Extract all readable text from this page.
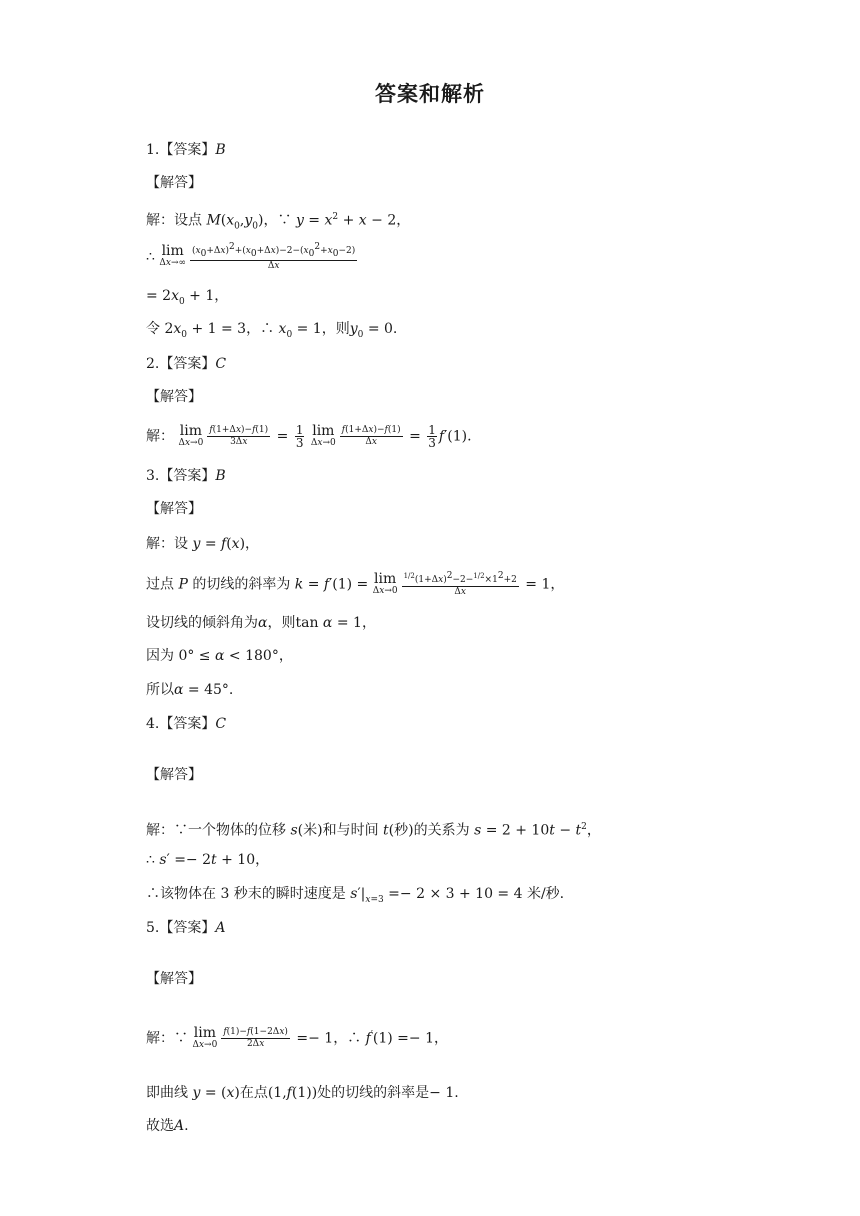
答案和解析
1.【答案】B
【解答】
解：设点 $M(x_0,y_0)$，∵ $y = x^2 + x - 2$，
∴ lim
$\Delta x\to\infty \frac{(x_0+\Delta x)^2+(x_0+\Delta x)-2-(x_0^2+x_0-2)}{\Delta x}$
= $2x_0 + 1$，
令 $2x_0 + 1 = 3$，∴ $x_0 = 1$，则$y_0 = 0$.
2.【答案】C
【解答】
解： lim
$\Delta x\to 0 \frac{f(1+\Delta x)-f(1)}{3\Delta x} = \frac{1}{3}$
lim
$\Delta x\to 0 \frac{f(1+\Delta x)-f(1)}{\Delta x} = \frac{1}{3} f'(1)$.
3.【答案】B
【解答】
解：设 y = f(x)，
过点 P 的切线的斜率为 k = f′(1) = lim
$\Delta x\to 0 \frac{1/2(1+\Delta x)^2-2-1/2\times 1^2+2}{\Delta x} = 1$，
设切线的倾斜角为α，则tan α = 1，
因为 0° ≤ α < 180°，
所以α = 45°.
4.【答案】C
【解答】
解：∵一个物体的位移 s(米)和与时间 t(秒)的关系为 $s = 2 + 10t - t^2$，
∴ s′ =− 2t + 10，
∴该物体在 3 秒末的瞬时速度是 $s'|_{x=3} =- 2 \times 3 + 10 = 4$ 米/秒.
5.【答案】A
【解答】
解：∵ lim
$\Delta x\to 0 \frac{f(1)-f(1-2\Delta x)}{2\Delta x} =- 1$，∴ f′(1) =− 1，
即曲线 y = (x)在点(1,f(1))处的切线的斜率是− 1.
故选A.
